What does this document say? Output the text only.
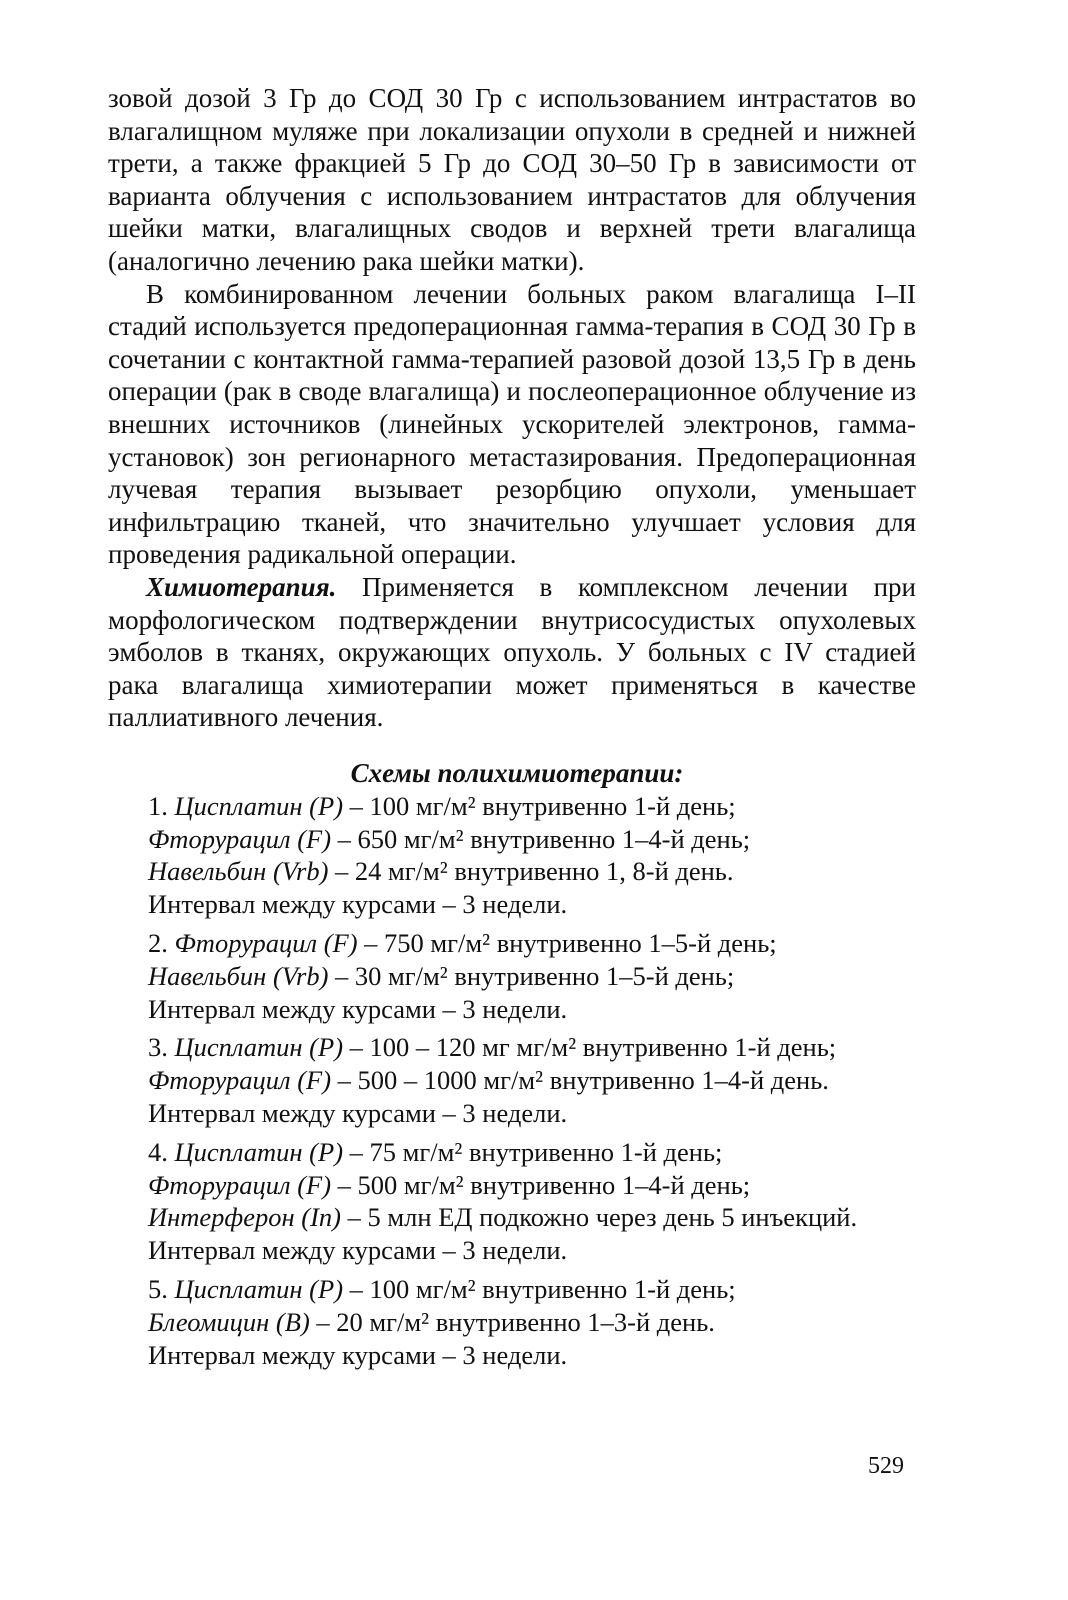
зовой дозой 3 Гр до СОД 30 Гр с использованием интрастатов во влагалищном муляже при локализации опухоли в средней и нижней трети, а также фракцией 5 Гр до СОД 30–50 Гр в зависимости от варианта облучения с использованием интрастатов для облучения шейки матки, влагалищных сводов и верхней трети влагалища (аналогично лечению рака шейки матки).

В комбинированном лечении больных раком влагалища I–II стадий используется предоперационная гамма-терапия в СОД 30 Гр в сочетании с контактной гамма-терапией разовой дозой 13,5 Гр в день операции (рак в своде влагалища) и послеоперационное облучение из внешних источников (линейных ускорителей электронов, гамма-установок) зон регионарного метастазирования. Предоперационная лучевая терапия вызывает резорбцию опухоли, уменьшает инфильтрацию тканей, что значительно улучшает условия для проведения радикальной операции.

Химиотерапия. Применяется в комплексном лечении при морфологическом подтверждении внутрисосудистых опухолевых эмболов в тканях, окружающих опухоль. У больных с IV стадией рака влагалища химиотерапии может применяться в качестве паллиативного лечения.

Схемы полихимиотерапии:
1. Цисплатин (P) – 100 мг/м² внутривенно 1-й день;
Фторурацил (F) – 650 мг/м² внутривенно 1–4-й день;
Навельбин (Vrb) – 24 мг/м² внутривенно 1, 8-й день.
Интервал между курсами – 3 недели.
2. Фторурацил (F) – 750 мг/м² внутривенно 1–5-й день;
Навельбин (Vrb) – 30 мг/м² внутривенно 1–5-й день;
Интервал между курсами – 3 недели.
3. Цисплатин (P) – 100 – 120 мг мг/м² внутривенно 1-й день;
Фторурацил (F) – 500 – 1000 мг/м² внутривенно 1–4-й день.
Интервал между курсами – 3 недели.
4. Цисплатин (P) – 75 мг/м² внутривенно 1-й день;
Фторурацил (F) – 500 мг/м² внутривенно 1–4-й день;
Интерферон (In) – 5 млн ЕД подкожно через день 5 инъекций.
Интервал между курсами – 3 недели.
5. Цисплатин (P) – 100 мг/м² внутривенно 1-й день;
Блеомицин (B) – 20 мг/м² внутривенно 1–3-й день.
Интервал между курсами – 3 недели.
529
